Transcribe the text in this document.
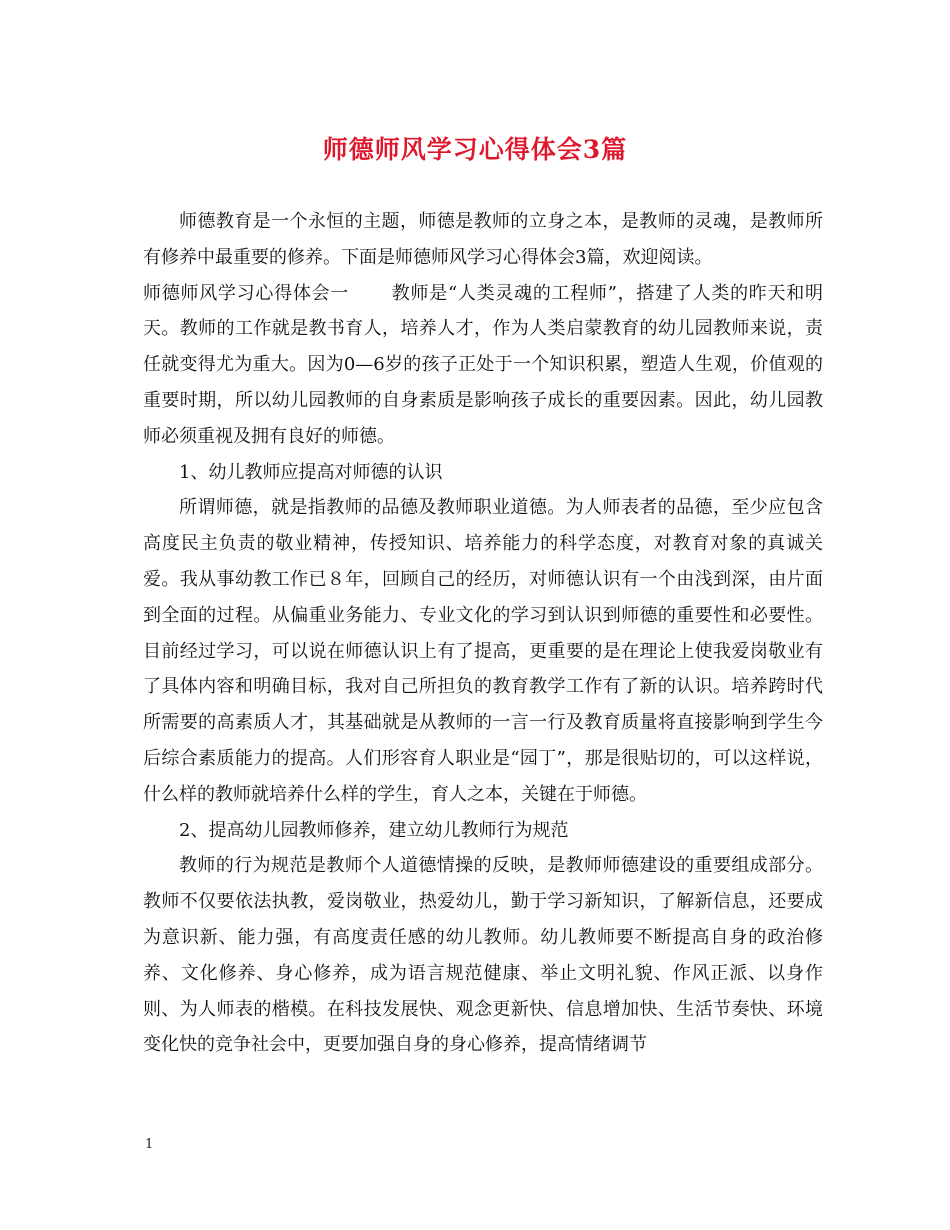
师德师风学习心得体会3篇

师德教育是一个永恒的主题，师德是教师的立身之本，是教师的灵魂，是教师所有修养中最重要的修养。下面是师德师风学习心得体会3篇，欢迎阅读。

师德师风学习心得体会一 教师是“人类灵魂的工程师”，搭建了人类的昨天和明天。教师的工作就是教书育人，培养人才，作为人类启蒙教育的幼儿园教师来说，责任就变得尤为重大。因为0—6岁的孩子正处于一个知识积累，塑造人生观，价值观的重要时期，所以幼儿园教师的自身素质是影响孩子成长的重要因素。因此，幼儿园教师必须重视及拥有良好的师德。

1、幼儿教师应提高对师德的认识

所谓师德，就是指教师的品德及教师职业道德。为人师表者的品德，至少应包含高度民主负责的敬业精神，传授知识、培养能力的科学态度，对教育对象的真诚关爱。我从事幼教工作已８年，回顾自己的经历，对师德认识有一个由浅到深，由片面到全面的过程。从偏重业务能力、专业文化的学习到认识到师德的重要性和必要性。目前经过学习，可以说在师德认识上有了提高，更重要的是在理论上使我爱岗敬业有了具体内容和明确目标，我对自己所担负的教育教学工作有了新的认识。培养跨时代所需要的高素质人才，其基础就是从教师的一言一行及教育质量将直接影响到学生今后综合素质能力的提高。人们形容育人职业是“园丁”，那是很贴切的，可以这样说，什么样的教师就培养什么样的学生，育人之本，关键在于师德。

2、提高幼儿园教师修养，建立幼儿教师行为规范

教师的行为规范是教师个人道德情操的反映，是教师师德建设的重要组成部分。教师不仅要依法执教，爱岗敬业，热爱幼儿，勤于学习新知识，了解新信息，还要成为意识新、能力强，有高度责任感的幼儿教师。幼儿教师要不断提高自身的政治修养、文化修养、身心修养，成为语言规范健康、举止文明礼貌、作风正派、以身作则、为人师表的楷模。在科技发展快、观念更新快、信息增加快、生活节奏快、环境变化快的竞争社会中，更要加强自身的身心修养，提高情绪调节

1
